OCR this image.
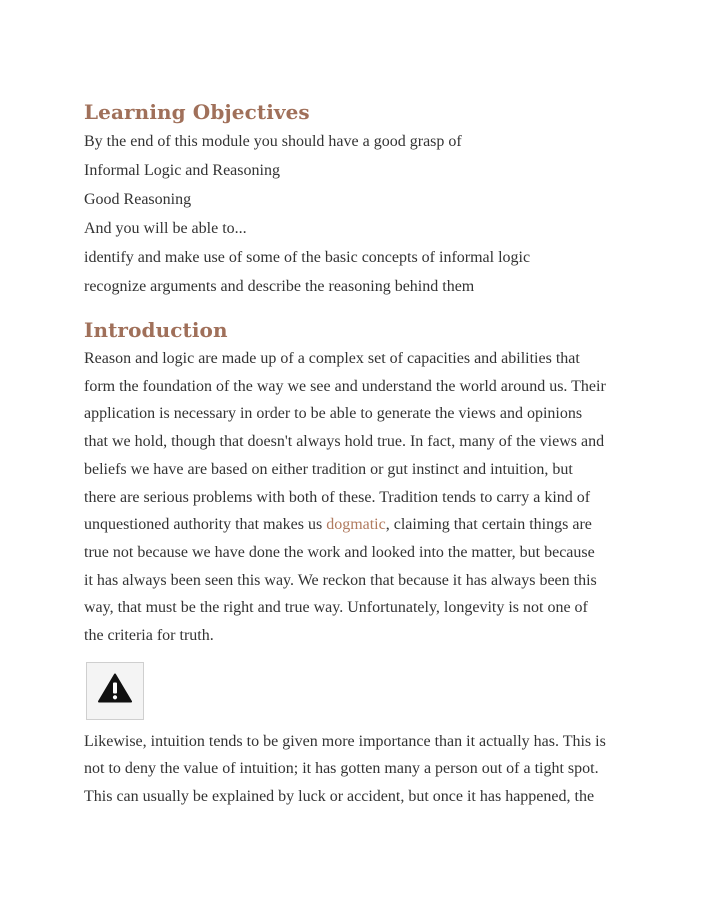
Learning Objectives

By the end of this module you should have a good grasp of

Informal Logic and Reasoning

Good Reasoning

And you will be able to...

identify and make use of some of the basic concepts of informal logic

recognize arguments and describe the reasoning behind them

Introduction
Reason and logic are made up of a complex set of capacities and abilities that
form the foundation of the way we see and understand the world around us. Their
application is necessary in order to be able to generate the views and opinions
that we hold, though that doesn't always hold true. In fact, many of the views and
beliefs we have are based on either tradition or gut instinct and intuition, but
there are serious problems with both of these. Tradition tends to carry a kind of
unquestioned authority that makes us dogmatic, claiming that certain things are
true not because we have done the work and looked into the matter, but because
it has always been seen this way. We reckon that because it has always been this
way, that must be the right and true way. Unfortunately, longevity is not one of
the criteria for truth.
Likewise, intuition tends to be given more importance than it actually has. This is
not to deny the value of intuition; it has gotten many a person out of a tight spot.
This can usually be explained by luck or accident, but once it has happened, the
